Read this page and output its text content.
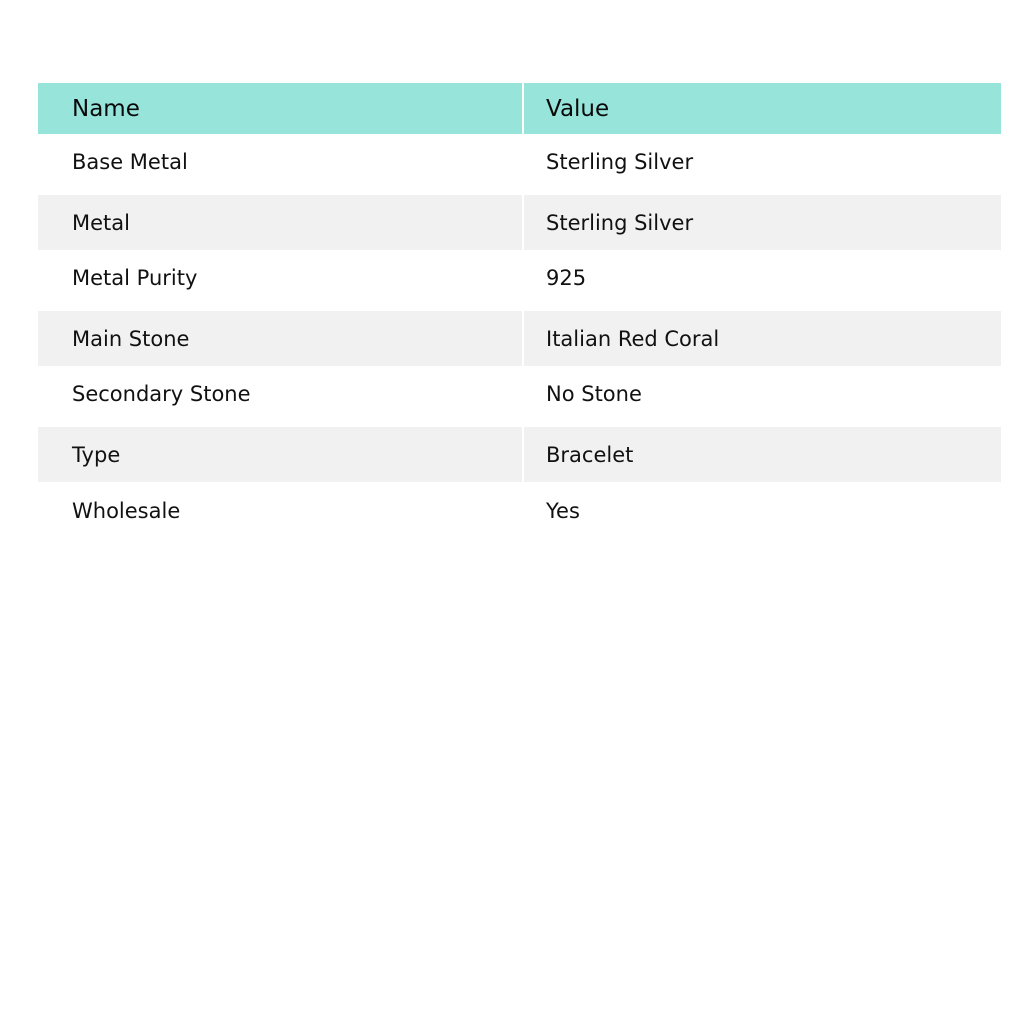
Name	Value
Base Metal	Sterling Silver
Metal	Sterling Silver
Metal Purity	925
Main Stone	Italian Red Coral
Secondary Stone	No Stone
Type	Bracelet
Wholesale	Yes
